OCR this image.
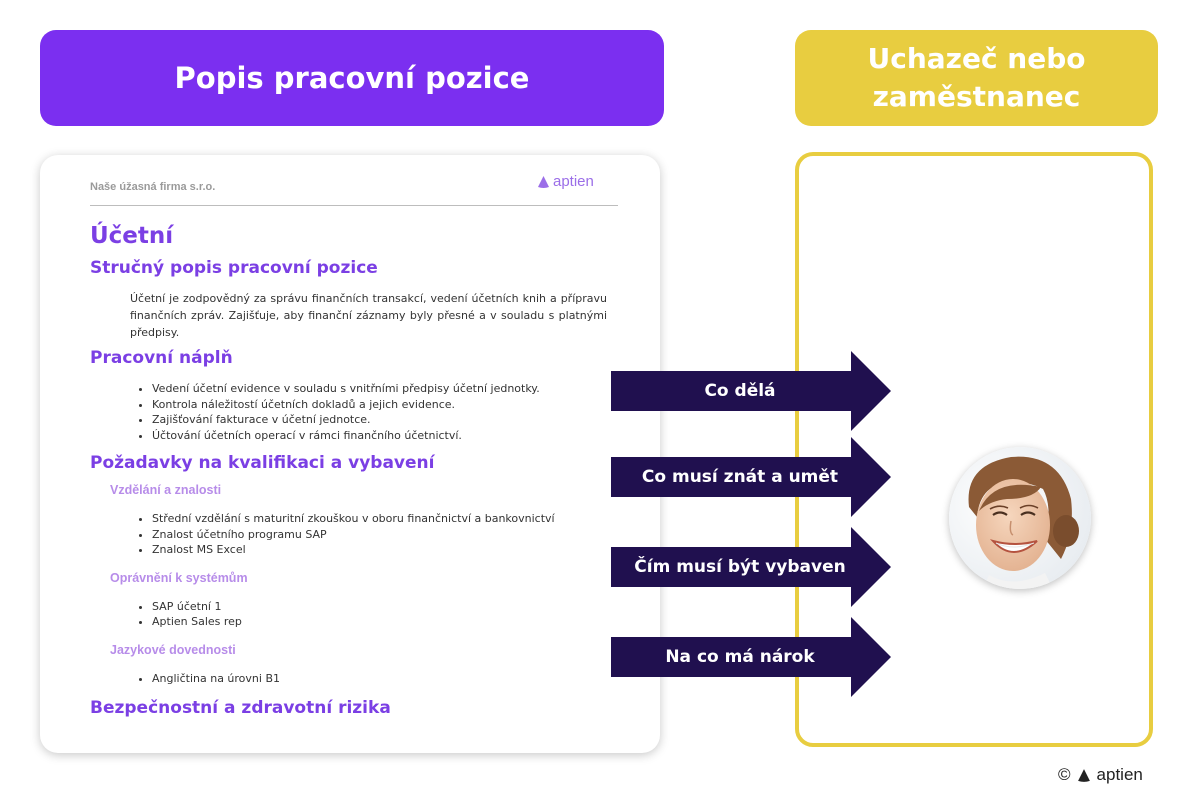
Popis pracovní pozice
Uchazeč nebo
zaměstnanec
Naše úžasná firma s.r.o.	aptien
Účetní
Stručný popis pracovní pozice

Účetní je zodpovědný za správu finančních transakcí, vedení účetních knih a přípravu finančních zpráv. Zajišťuje, aby finanční záznamy byly přesné a v souladu s platnými předpisy.

Pracovní náplň
• Vedení účetní evidence v souladu s vnitřními předpisy účetní jednotky.
• Kontrola náležitostí účetních dokladů a jejich evidence.
• Zajišťování fakturace v účetní jednotce.
• Účtování účetních operací v rámci finančního účetnictví.
Požadavky na kvalifikaci a vybavení
Vzdělání a znalosti
• Střední vzdělání s maturitní zkouškou v oboru finančnictví a bankovnictví
• Znalost účetního programu SAP
• Znalost MS Excel
Oprávnění k systémům
• SAP účetní 1
• Aptien Sales rep
Jazykové dovednosti
• Angličtina na úrovni B1
Bezpečnostní a zdravotní rizika
Co dělá
Co musí znát a umět
Čím musí být vybaven
Na co má nárok
© aptien
